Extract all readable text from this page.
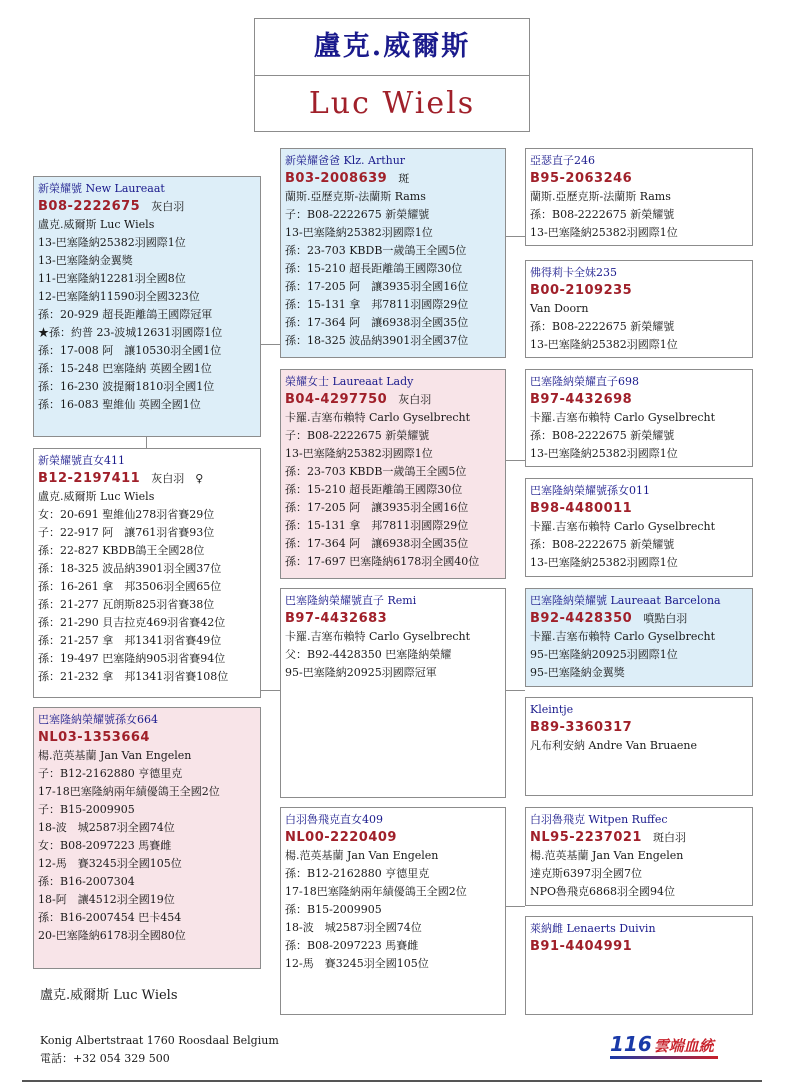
盧克.威爾斯
Luc Wiels
新榮耀號 New Laureaat
B08-2222675　 灰白羽
盧克.威爾斯 Luc Wiels
13-巴塞隆納25382羽國際1位
13-巴塞隆納金翼獎
11-巴塞隆納12281羽全國8位
12-巴塞隆納11590羽全國323位
孫：20-929 超長距離鴿王國際冠軍
★孫：約普 23-波城12631羽國際1位
孫：17-008 阿　讓10530羽全國1位
孫：15-248 巴塞隆納 英國全國1位
孫：16-230 波提爾1810羽全國1位
孫：16-083 聖維仙 英國全國1位
新榮耀號直女411
B12-2197411　 灰白羽　♀
盧克.威爾斯 Luc Wiels
女：20-691 聖維仙278羽省賽29位
子：22-917 阿　讓761羽省賽93位
孫：22-827 KBDB鴿王全國28位
孫：18-325 波品納3901羽全國37位
孫：16-261 拿　邦3506羽全國65位
孫：21-277 瓦朗斯825羽省賽38位
孫：21-290 貝吉拉克469羽省賽42位
孫：21-257 拿　邦1341羽省賽49位
孫：19-497 巴塞隆納905羽省賽94位
孫：21-232 拿　邦1341羽省賽108位
巴塞隆納榮耀號孫女664
NL03-1353664
楊.范英基蘭 Jan Van Engelen
子：B12-2162880 亨德里克
17-18巴塞隆納兩年績優鴿王全國2位
子：B15-2009905
18-波　城2587羽全國74位
女：B08-2097223 馬賽雌
12-馬　賽3245羽全國105位
孫：B16-2007304
18-阿　讓4512羽全國19位
孫：B16-2007454 巴卡454
20-巴塞隆納6178羽全國80位
新榮耀爸爸 Klz. Arthur
B03-2008639　 斑
蘭斯.亞歷克斯-法蘭斯 Rams
子：B08-2222675 新榮耀號
13-巴塞隆納25382羽國際1位
孫：23-703 KBDB一歲鴿王全國5位
孫：15-210 超長距離鴿王國際30位
孫：17-205 阿　讓3935羽全國16位
孫：15-131 拿　邦7811羽國際29位
孫：17-364 阿　讓6938羽全國35位
孫：18-325 波品納3901羽全國37位
榮耀女士 Laureaat Lady
B04-4297750　 灰白羽
卡羅.吉塞布賴特 Carlo Gyselbrecht
子：B08-2222675 新榮耀號
13-巴塞隆納25382羽國際1位
孫：23-703 KBDB一歲鴿王全國5位
孫：15-210 超長距離鴿王國際30位
孫：17-205 阿　讓3935羽全國16位
孫：15-131 拿　邦7811羽國際29位
孫：17-364 阿　讓6938羽全國35位
孫：17-697 巴塞隆納6178羽全國40位
巴塞隆納榮耀號直子 Remi
B97-4432683
卡羅.吉塞布賴特 Carlo Gyselbrecht
父：B92-4428350 巴塞隆納榮耀
95-巴塞隆納20925羽國際冠軍
白羽魯飛克直女409
NL00-2220409
楊.范英基蘭 Jan Van Engelen
孫：B12-2162880 亨德里克
17-18巴塞隆納兩年績優鴿王全國2位
孫：B15-2009905
18-波　城2587羽全國74位
孫：B08-2097223 馬賽雌
12-馬　賽3245羽全國105位
亞瑟直子246
B95-2063246
蘭斯.亞歷克斯-法蘭斯 Rams
孫：B08-2222675 新榮耀號
13-巴塞隆納25382羽國際1位
佛得莉卡全妹235
B00-2109235
Van Doorn
孫：B08-2222675 新榮耀號
13-巴塞隆納25382羽國際1位
巴塞隆納榮耀直子698
B97-4432698
卡羅.吉塞布賴特 Carlo Gyselbrecht
孫：B08-2222675 新榮耀號
13-巴塞隆納25382羽國際1位
巴塞隆納榮耀號孫女011
B98-4480011
卡羅.吉塞布賴特 Carlo Gyselbrecht
孫：B08-2222675 新榮耀號
13-巴塞隆納25382羽國際1位
巴塞隆納榮耀號 Laureaat Barcelona
B92-4428350　 噴點白羽
卡羅.吉塞布賴特 Carlo Gyselbrecht
95-巴塞隆納20925羽國際1位
95-巴塞隆納金翼獎
Kleintje
B89-3360317
凡布利安納 Andre Van Bruaene
白羽魯飛克 Witpen Ruffec
NL95-2237021　 斑白羽
楊.范英基蘭 Jan Van Engelen
達克斯6397羽全國7位
NPO魯飛克6868羽全國94位
萊納雌 Lenaerts Duivin
B91-4404991
盧克.威爾斯 Luc Wiels
Konig Albertstraat 1760 Roosdaal Belgium
電話：+32 054 329 500
116 雲端血統
